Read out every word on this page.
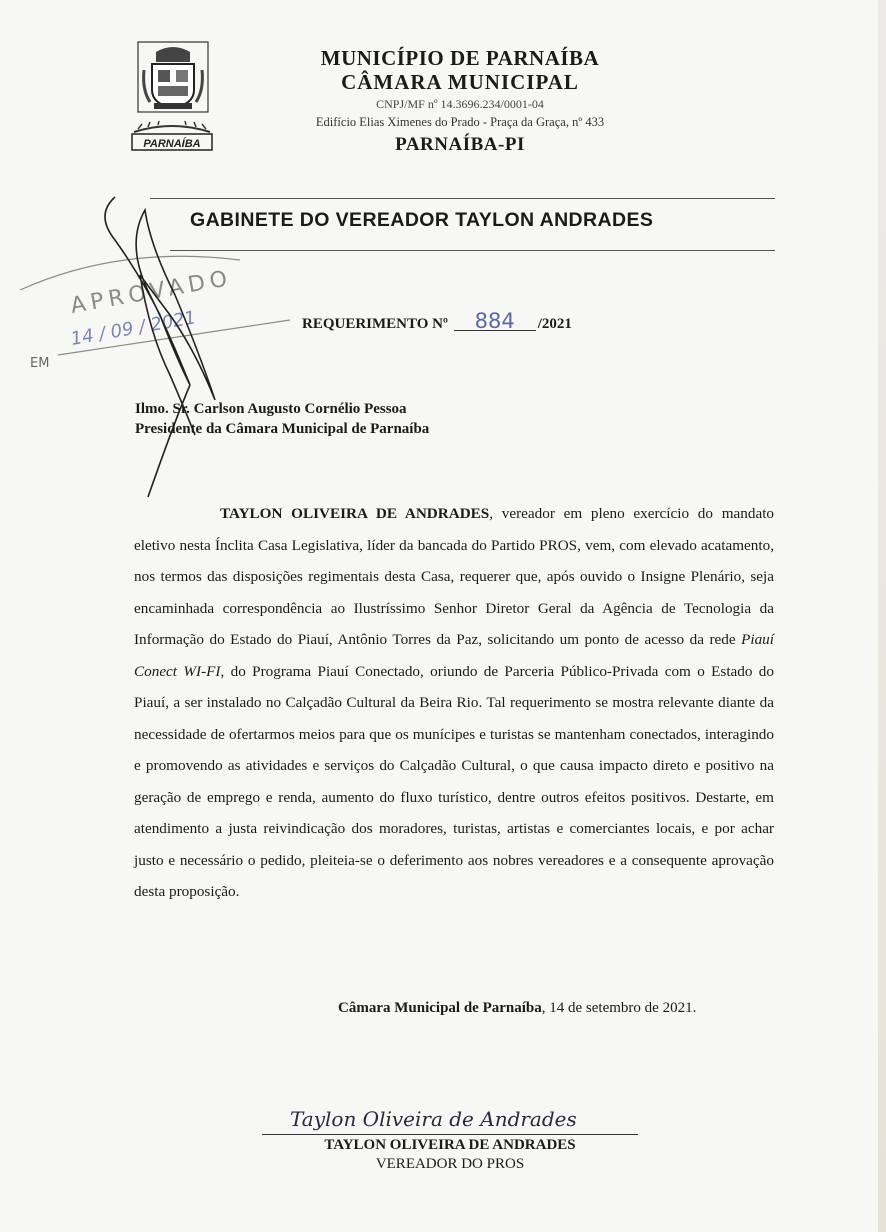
PARNAÍBA
MUNICÍPIO DE PARNAÍBA
CÂMARA MUNICIPAL
CNPJ/MF nº 14.3696.234/0001-04
Edifício Elias Ximenes do Prado - Praça da Graça, nº 433
PARNAÍBA-PI
GABINETE DO VEREADOR TAYLON ANDRADES
APROVADO
14 / 09 / 2021
EM
REQUERIMENTO Nº 884 /2021
Ilmo. Sr. Carlson Augusto Cornélio Pessoa
Presidente da Câmara Municipal de Parnaíba

TAYLON OLIVEIRA DE ANDRADES, vereador em pleno exercício do mandato eletivo nesta Ínclita Casa Legislativa, líder da bancada do Partido PROS, vem, com elevado acatamento, nos termos das disposições regimentais desta Casa, requerer que, após ouvido o Insigne Plenário, seja encaminhada correspondência ao Ilustríssimo Senhor Diretor Geral da Agência de Tecnologia da Informação do Estado do Piauí, Antônio Torres da Paz, solicitando um ponto de acesso da rede Piauí Conect WI-FI, do Programa Piauí Conectado, oriundo de Parceria Público-Privada com o Estado do Piauí, a ser instalado no Calçadão Cultural da Beira Rio. Tal requerimento se mostra relevante diante da necessidade de ofertarmos meios para que os munícipes e turistas se mantenham conectados, interagindo e promovendo as atividades e serviços do Calçadão Cultural, o que causa impacto direto e positivo na geração de emprego e renda, aumento do fluxo turístico, dentre outros efeitos positivos. Destarte, em atendimento a justa reivindicação dos moradores, turistas, artistas e comerciantes locais, e por achar justo e necessário o pedido, pleiteia-se o deferimento aos nobres vereadores e a consequente aprovação desta proposição.

Câmara Municipal de Parnaíba, 14 de setembro de 2021.
Taylon Oliveira de Andrades
TAYLON OLIVEIRA DE ANDRADES
VEREADOR DO PROS
